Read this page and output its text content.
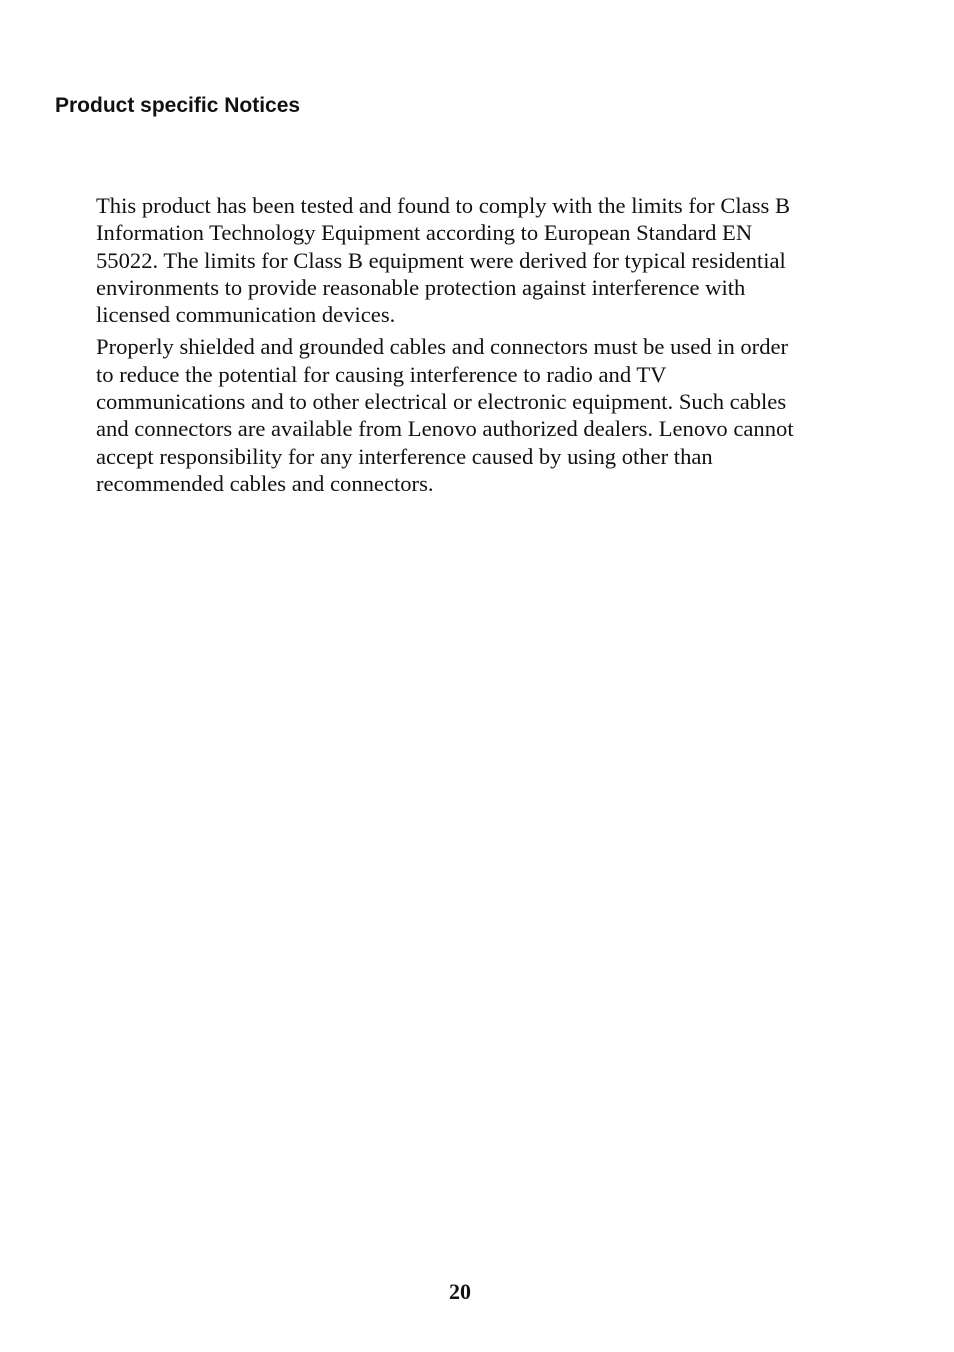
Product specific Notices

This product has been tested and found to comply with the limits for Class B
Information Technology Equipment according to European Standard EN
55022. The limits for Class B equipment were derived for typical residential
environments to provide reasonable protection against interference with
licensed communication devices.

Properly shielded and grounded cables and connectors must be used in order
to reduce the potential for causing interference to radio and TV
communications and to other electrical or electronic equipment. Such cables
and connectors are available from Lenovo authorized dealers. Lenovo cannot
accept responsibility for any interference caused by using other than
recommended cables and connectors.

20
